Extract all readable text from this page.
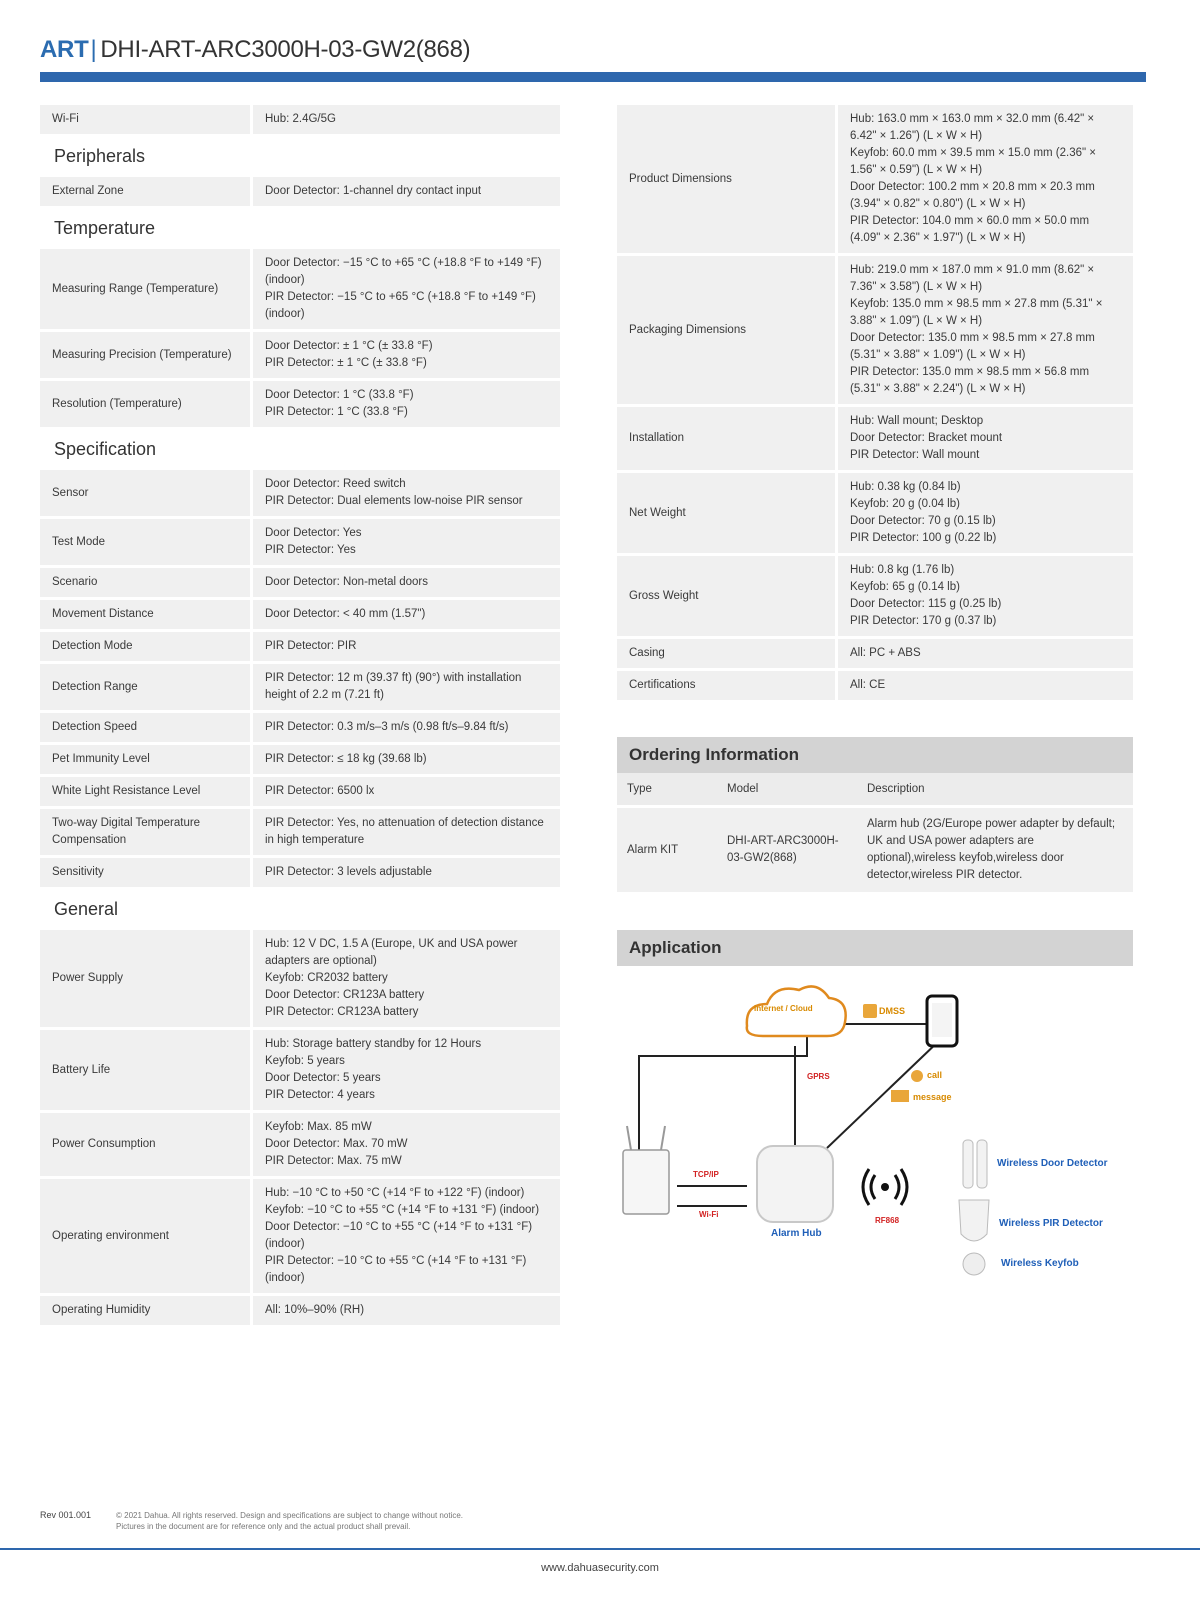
ART| DHI-ART-ARC3000H-03-GW2(868)
Wi-Fi	Hub: 2.4G/5G
Peripherals
External Zone	Door Detector: 1-channel dry contact input
Temperature
Measuring Range (Temperature)	Door Detector: −15 °C to +65 °C (+18.8 °F to +149 °F) (indoor)
PIR Detector: −15 °C to +65 °C (+18.8 °F to +149 °F) (indoor)

Measuring Precision (Temperature)	Door Detector: ± 1 °C (± 33.8 °F)
PIR Detector: ± 1 °C (± 33.8 °F)

Resolution (Temperature)	Door Detector: 1 °C (33.8 °F)
PIR Detector: 1 °C (33.8 °F)
Specification
Sensor	Door Detector: Reed switch
PIR Detector: Dual elements low-noise PIR sensor

Test Mode	Door Detector: Yes
PIR Detector: Yes

Scenario	Door Detector: Non-metal doors
Movement Distance	Door Detector: < 40 mm (1.57")
Detection Mode	PIR Detector: PIR
Detection Range	PIR Detector: 12 m (39.37 ft) (90°) with installation height of 2.2 m (7.21 ft)
Detection Speed	PIR Detector: 0.3 m/s–3 m/s (0.98 ft/s–9.84 ft/s)
Pet Immunity Level	PIR Detector: ≤ 18 kg (39.68 lb)
White Light Resistance Level	PIR Detector: 6500 lx
Two-way Digital Temperature Compensation	PIR Detector: Yes, no attenuation of detection distance in high temperature
Sensitivity	PIR Detector: 3 levels adjustable
General
Power Supply	Hub: 12 V DC, 1.5 A (Europe, UK and USA power adapters are optional)
Keyfob: CR2032 battery
Door Detector: CR123A battery
PIR Detector: CR123A battery

Battery Life	Hub: Storage battery standby for 12 Hours
Keyfob: 5 years
Door Detector: 5 years
PIR Detector: 4 years

Power Consumption	Keyfob: Max. 85 mW
Door Detector: Max. 70 mW
PIR Detector: Max. 75 mW

Operating environment	Hub: −10 °C to +50 °C (+14 °F to +122 °F) (indoor)
Keyfob: −10 °C to +55 °C (+14 °F to +131 °F) (indoor)
Door Detector: −10 °C to +55 °C (+14 °F to +131 °F) (indoor)
PIR Detector: −10 °C to +55 °C (+14 °F to +131 °F) (indoor)

Operating Humidity	All: 10%–90% (RH)
Product Dimensions	Hub: 163.0 mm × 163.0 mm × 32.0 mm (6.42" × 6.42" × 1.26") (L × W × H)
Keyfob: 60.0 mm × 39.5 mm × 15.0 mm (2.36" × 1.56" × 0.59") (L × W × H)
Door Detector: 100.2 mm × 20.8 mm × 20.3 mm (3.94" × 0.82" × 0.80") (L × W × H)
PIR Detector: 104.0 mm × 60.0 mm × 50.0 mm (4.09" × 2.36" × 1.97") (L × W × H)

Packaging Dimensions	Hub: 219.0 mm × 187.0 mm × 91.0 mm (8.62" × 7.36" × 3.58") (L × W × H)
Keyfob: 135.0 mm × 98.5 mm × 27.8 mm (5.31" × 3.88" × 1.09") (L × W × H)
Door Detector: 135.0 mm × 98.5 mm × 27.8 mm (5.31" × 3.88" × 1.09") (L × W × H)
PIR Detector: 135.0 mm × 98.5 mm × 56.8 mm (5.31" × 3.88" × 2.24") (L × W × H)

Installation	Hub: Wall mount; Desktop
Door Detector: Bracket mount
PIR Detector: Wall mount

Net Weight	Hub: 0.38 kg (0.84 lb)
Keyfob: 20 g (0.04 lb)
Door Detector: 70 g (0.15 lb)
PIR Detector: 100 g (0.22 lb)

Gross Weight	Hub: 0.8 kg (1.76 lb)
Keyfob: 65 g (0.14 lb)
Door Detector: 115 g (0.25 lb)
PIR Detector: 170 g (0.37 lb)

Casing	All: PC + ABS
Certifications	All: CE
Ordering Information
Type	Model	Description
Alarm KIT	DHI-ART-ARC3000H-03-GW2(868)	Alarm hub (2G/Europe power adapter by default; UK and USA power adapters are optional),wireless keyfob,wireless door detector,wireless PIR detector.
Application
Internet / Cloud	DMSS
GPRS	call
message
TCP/IP
Wi-Fi
RF868
Alarm Hub
Wireless Door Detector
Wireless PIR Detector
Wireless Keyfob
Rev 001.001	© 2021 Dahua. All rights reserved. Design and specifications are subject to change without notice.
Pictures in the document are for reference only and the actual product shall prevail.
www.dahuasecurity.com
